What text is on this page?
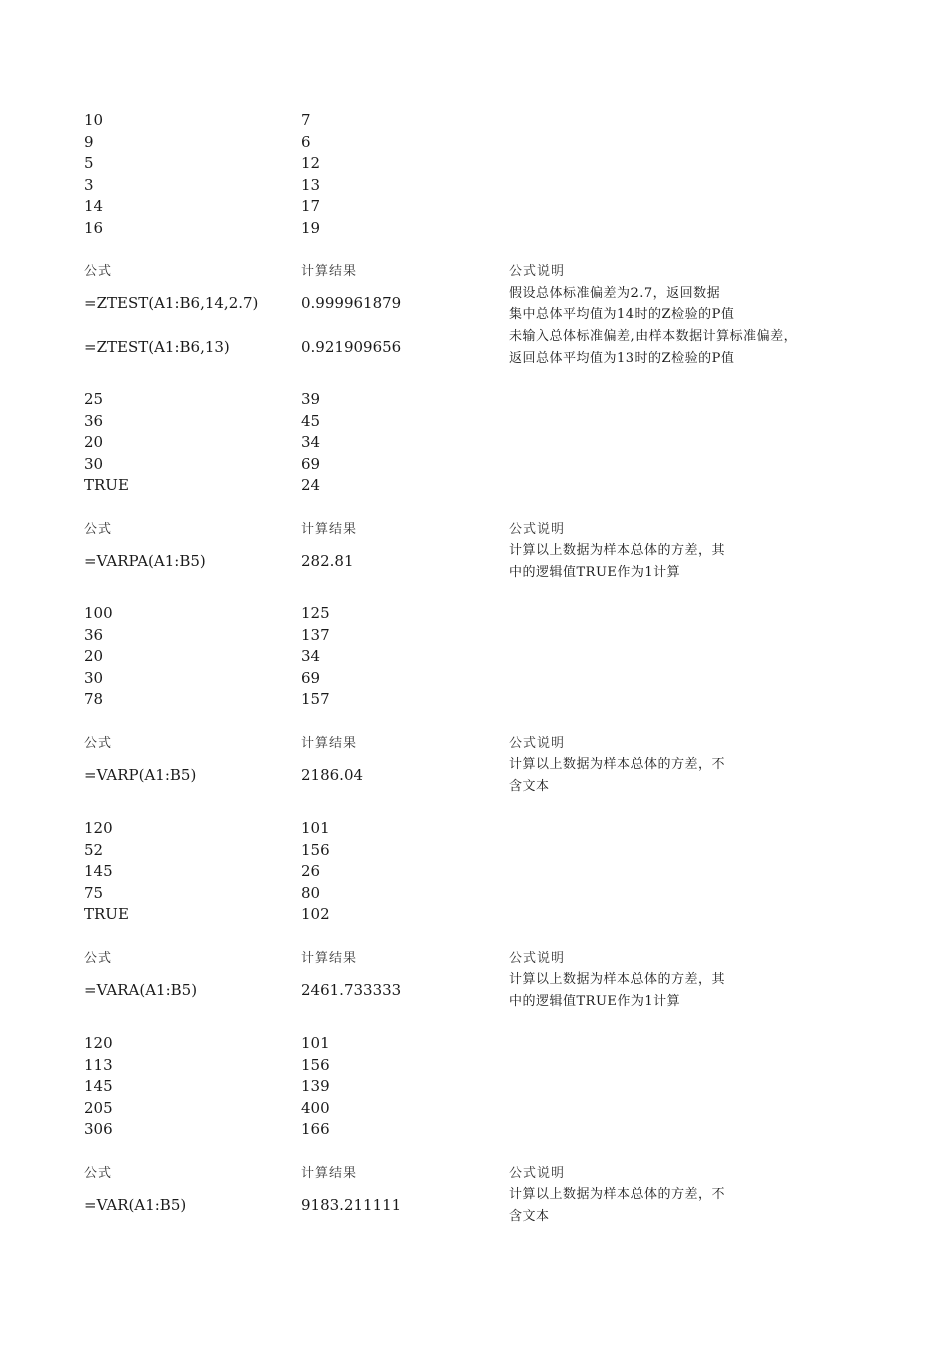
10	7
9	6
5	12
3	13
14	17
16	19
公式	计算结果	公式说明
=ZTEST(A1:B6,14,2.7)	0.999961879
假设总体标准偏差为2.7，返回数据
集中总体平均值为14时的Z检验的P值
=ZTEST(A1:B6,13)	0.921909656
未输入总体标准偏差,由样本数据计算标准偏差，
返回总体平均值为13时的Z检验的P值
25	39
36	45
20	34
30	69
TRUE	24
公式	计算结果	公式说明
=VARPA(A1:B5)	282.81
计算以上数据为样本总体的方差，其
中的逻辑值TRUE作为1计算
100	125
36	137
20	34
30	69
78	157
公式	计算结果	公式说明
=VARP(A1:B5)	2186.04
计算以上数据为样本总体的方差，不
含文本
120	101
52	156
145	26
75	80
TRUE	102
公式	计算结果	公式说明
=VARA(A1:B5)	2461.733333
计算以上数据为样本总体的方差，其
中的逻辑值TRUE作为1计算
120	101
113	156
145	139
205	400
306	166
公式	计算结果	公式说明
=VAR(A1:B5)	9183.211111
计算以上数据为样本总体的方差，不
含文本
